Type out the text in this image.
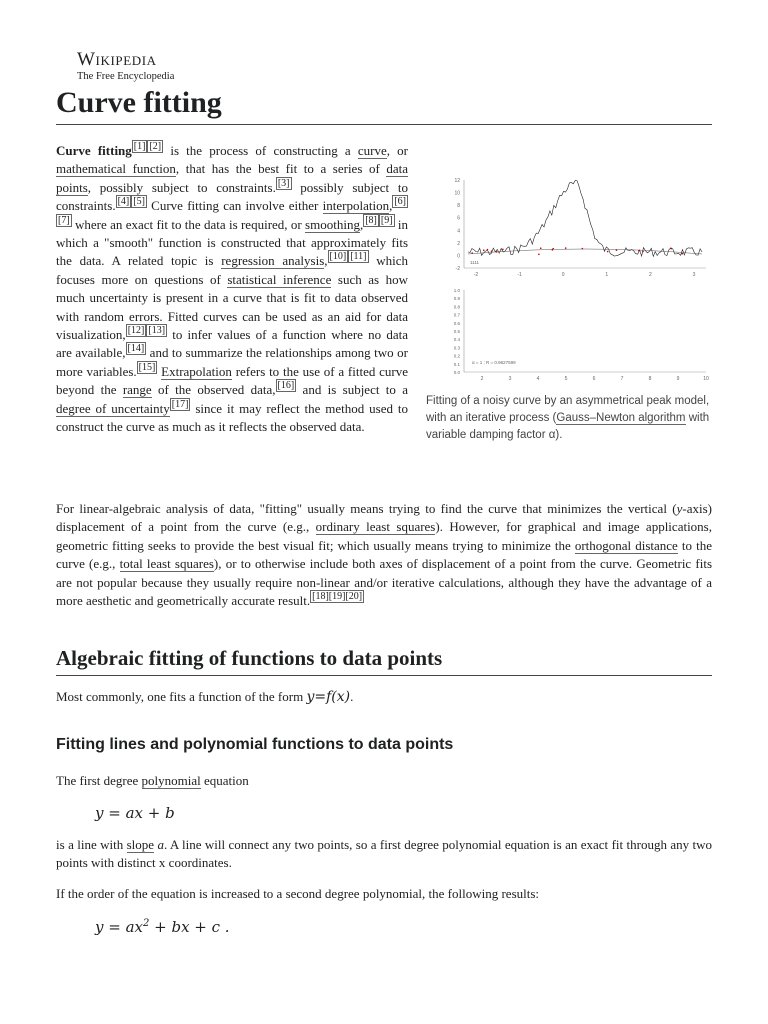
Wikipedia
The Free Encyclopedia
Curve fitting
12
10
8
6
4
2
0
-2
-2	-1	0	1	2	3
1111
1.0
0.9
0.8
0.7
0.6
0.5
0.4
0.3
0.2
0.1
0.0
2	3	4	5	6	7	8	9	10
α = 1 ; R = 0.9627599
Fitting of a noisy curve by an asymmetrical peak model, with an iterative process (Gauss–Newton algorithm with variable damping factor α).
Curve fitting [1] [2] is the process of constructing a curve, or mathematical function, that has the best fit to a series of data points, possibly subject to constraints. [3] possibly subject to constraints. [4] [5] Curve fitting can involve either interpolation, [6][7] where an exact fit to the data is required, or smoothing, [8] [9] in which a "smooth" function is constructed that approximately fits the data. A related topic is regression analysis, [10] [11] which focuses more on questions of statistical inference such as how much uncertainty is present in a curve that is fit to data observed with random errors. Fitted curves can be used as an aid for data visualization, [12] [13] to infer values of a function where no data are available, [14] and to summarize the relationships among two or more variables. [15] Extrapolation refers to the use of a fitted curve beyond the range of the observed data, [16] and is subject to a degree of uncertainty [17] since it may reflect the method used to construct the curve as much as it reflects the observed data.
For linear-algebraic analysis of data, "fitting" usually means trying to find the curve that minimizes the vertical (y-axis) displacement of a point from the curve (e.g., ordinary least squares). However, for graphical and image applications, geometric fitting seeks to provide the best visual fit; which usually means trying to minimize the orthogonal distance to the curve (e.g., total least squares), or to otherwise include both axes of displacement of a point from the curve. Geometric fits are not popular because they usually require non-linear and/or iterative calculations, although they have the advantage of a more aesthetic and geometrically accurate result. [18][19][20]
Algebraic fitting of functions to data points
Most commonly, one fits a function of the form y=f(x).
Fitting lines and polynomial functions to data points
The first degree polynomial equation
y = ax + b
is a line with slope a. A line will connect any two points, so a first degree polynomial equation is an exact fit through any two points with distinct x coordinates.
If the order of the equation is increased to a second degree polynomial, the following results:
$y = ax^2$ + bx + c .
